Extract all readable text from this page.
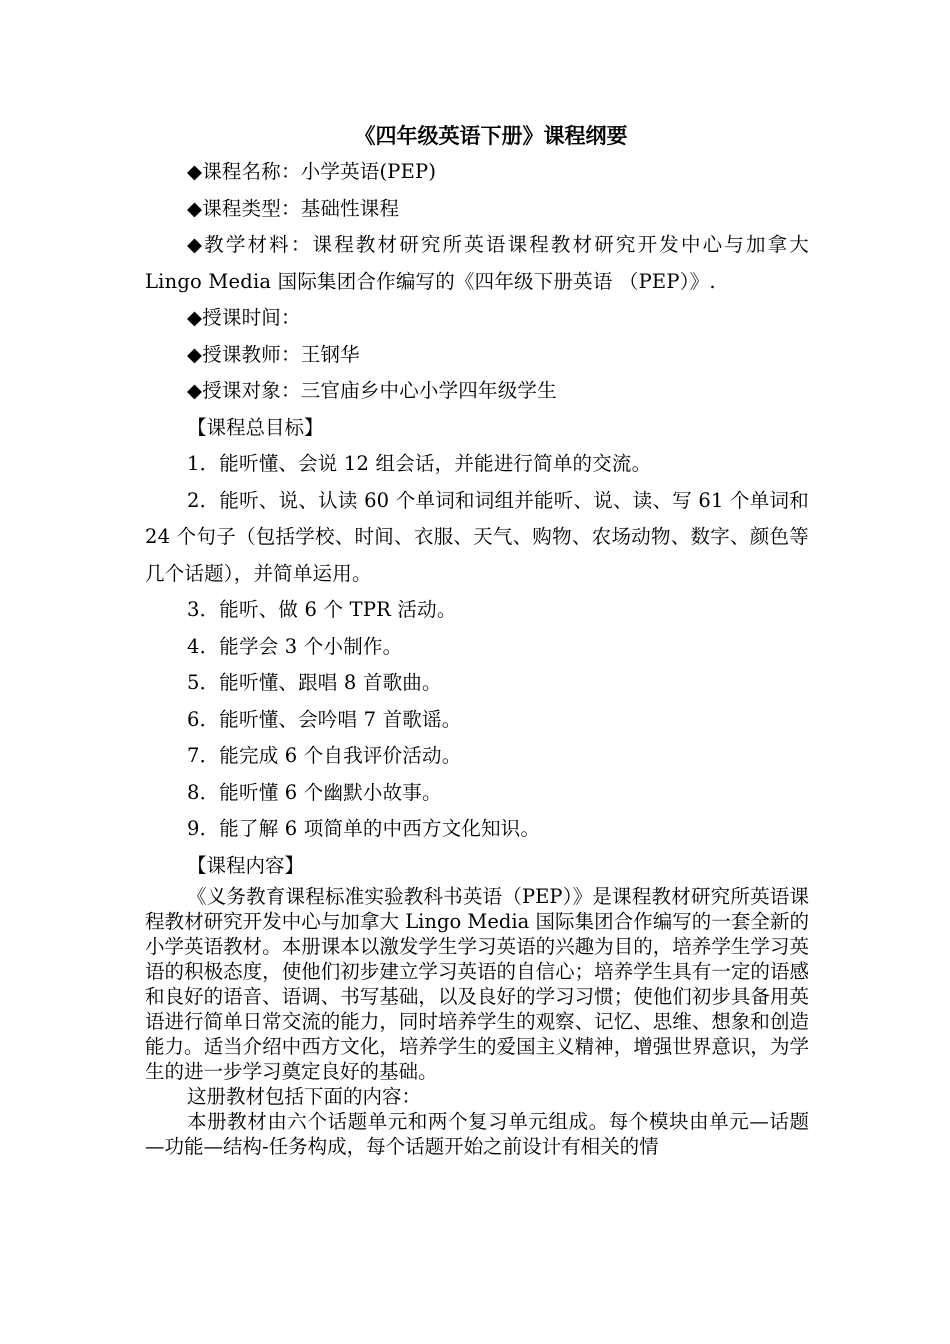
《四年级英语下册》课程纲要

◆课程名称：小学英语(PEP)

◆课程类型：基础性课程

◆教学材料：课程教材研究所英语课程教材研究开发中心与加拿大 Lingo Media 国际集团合作编写的《四年级下册英语 （PEP）》.

◆授课时间：

◆授课教师：王钢华

◆授课对象：三官庙乡中心小学四年级学生

【课程总目标】

1．能听懂、会说 12 组会话，并能进行简单的交流。

2．能听、说、认读 60 个单词和词组并能听、说、读、写 61 个单词和 24 个句子（包括学校、时间、衣服、天气、购物、农场动物、数字、颜色等几个话题），并简单运用。

3．能听、做 6 个 TPR 活动。

4．能学会 3 个小制作。

5．能听懂、跟唱 8 首歌曲。

6．能听懂、会吟唱 7 首歌谣。

7．能完成 6 个自我评价活动。

8．能听懂 6 个幽默小故事。

9．能了解 6 项简单的中西方文化知识。

【课程内容】

《义务教育课程标准实验教科书英语（PEP）》是课程教材研究所英语课程教材研究开发中心与加拿大 Lingo Media 国际集团合作编写的一套全新的小学英语教材。本册课本以激发学生学习英语的兴趣为目的，培养学生学习英语的积极态度，使他们初步建立学习英语的自信心；培养学生具有一定的语感和良好的语音、语调、书写基础，以及良好的学习习惯；使他们初步具备用英语进行简单日常交流的能力，同时培养学生的观察、记忆、思维、想象和创造能力。适当介绍中西方文化，培养学生的爱国主义精神，增强世界意识，为学生的进一步学习奠定良好的基础。

这册教材包括下面的内容：

本册教材由六个话题单元和两个复习单元组成。每个模块由单元—话题—功能—结构-任务构成，每个话题开始之前设计有相关的情
